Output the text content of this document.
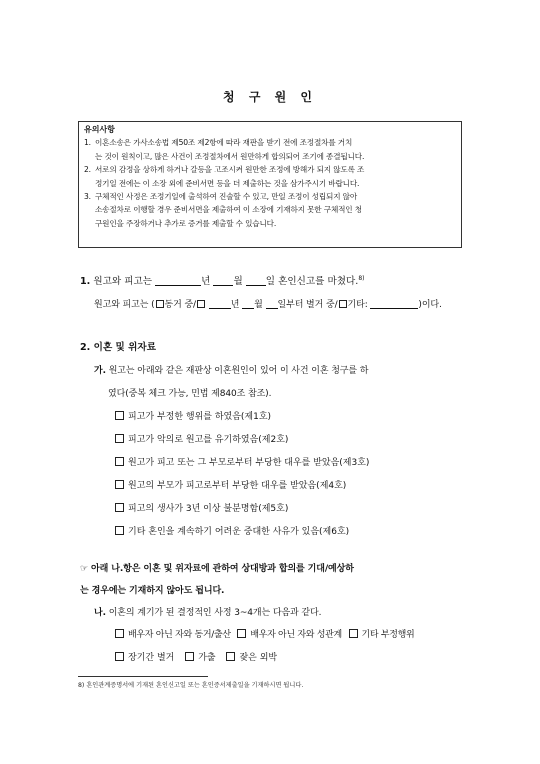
청 구 원 인
유의사항
1. 이혼소송은 가사소송법 제50조 제2항에 따라 재판을 받기 전에 조정절차를 거치
는 것이 원칙이고, 많은 사건이 조정절차에서 원만하게 합의되어 조기에 종결됩니다.
2. 서로의 감정을 상하게 하거나 갈등을 고조시켜 원만한 조정에 방해가 되지 않도록 조
정기일 전에는 이 소장 외에 준비서면 등을 더 제출하는 것을 삼가주시기 바랍니다.
3. 구체적인 사정은 조정기일에 출석하여 진술할 수 있고, 만일 조정이 성립되지 않아
소송절차로 이행할 경우 준비서면을 제출하여 이 소장에 기재하지 못한 구체적인 청
구원인을 주장하거나 추가로 증거를 제출할 수 있습니다.
1. 원고와 피고는	년 월 일 혼인신고를 마쳤다.$^{8)}$
원고와 피고는 ( 동거 중/	년 월 일부터 별거 중/ 기타:	)이다.
2. 이혼 및 위자료
가. 원고는 아래와 같은 재판상 이혼원인이 있어 이 사건 이혼 청구를 하
였다(중복 체크 가능, 민법 제840조 참조).
피고가 부정한 행위를 하였음(제1호)
피고가 악의로 원고를 유기하였음(제2호)
원고가 피고 또는 그 부모로부터 부당한 대우를 받았음(제3호)
원고의 부모가 피고로부터 부당한 대우를 받았음(제4호)
피고의 생사가 3년 이상 불분명함(제5호)
기타 혼인을 계속하기 어려운 중대한 사유가 있음(제6호)
☞ 아래 나.항은 이혼 및 위자료에 관하여 상대방과 합의를 기대/예상하
는 경우에는 기재하지 않아도 됩니다.
나. 이혼의 계기가 된 결정적인 사정 3~4개는 다음과 같다.
배우자 아닌 자와 동거/출산 배우자 아닌 자와 성관계 기타 부정행위
장기간 별거	가출	잦은 외박
8) 혼인관계증명서에 기재된 혼인신고일 또는 혼인증서제출일을 기재하시면 됩니다.
